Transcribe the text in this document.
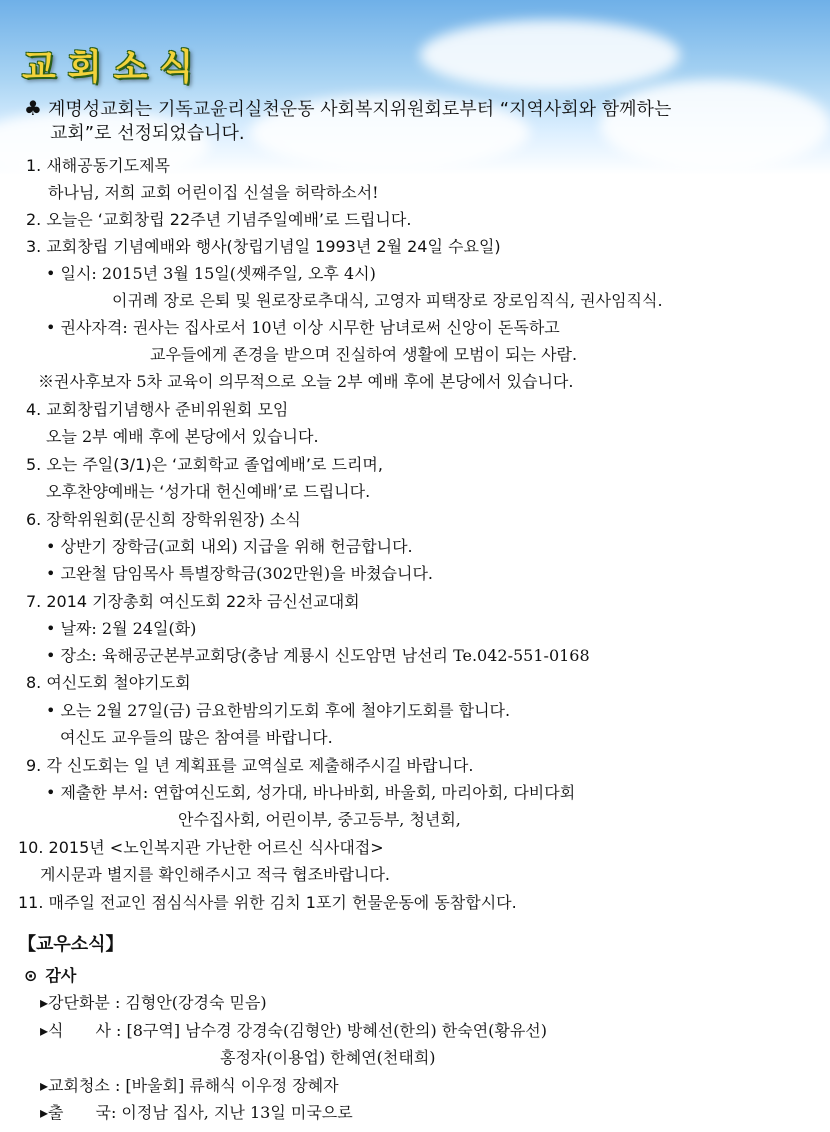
교회소식
♣ 계명성교회는 기독교윤리실천운동 사회복지위원회로부터 “지역사회와 함께하는
교회”로 선정되었습니다.
1. 새해공동기도제목
하나님, 저희 교회 어린이집 신설을 허락하소서!
2. 오늘은 ‘교회창립 22주년 기념주일예배’로 드립니다.
3. 교회창립 기념예배와 행사(창립기념일 1993년 2월 24일 수요일)
• 일시: 2015년 3월 15일(셋째주일, 오후 4시)
이귀례 장로 은퇴 및 원로장로추대식, 고영자 피택장로 장로임직식, 권사임직식.
• 권사자격: 권사는 집사로서 10년 이상 시무한 남녀로써 신앙이 돈독하고
교우들에게 존경을 받으며 진실하여 생활에 모범이 되는 사람.
※권사후보자 5차 교육이 의무적으로 오늘 2부 예배 후에 본당에서 있습니다.
4. 교회창립기념행사 준비위원회 모임
오늘 2부 예배 후에 본당에서 있습니다.
5. 오는 주일(3/1)은 ‘교회학교 졸업예배’로 드리며,
오후찬양예배는 ‘성가대 헌신예배’로 드립니다.
6. 장학위원회(문신희 장학위원장) 소식
• 상반기 장학금(교회 내외) 지급을 위해 헌금합니다.
• 고완철 담임목사 특별장학금(302만원)을 바쳤습니다.
7. 2014 기장총회 여신도회 22차 금신선교대회
• 날짜: 2월 24일(화)
• 장소: 육해공군본부교회당(충남 계룡시 신도암면 남선리 Te.042-551-0168
8. 여신도회 철야기도회
• 오는 2월 27일(금) 금요한밤의기도회 후에 철야기도회를 합니다.
여신도 교우들의 많은 참여를 바랍니다.
9. 각 신도회는 일 년 계획표를 교역실로 제출해주시길 바랍니다.
• 제출한 부서: 연합여신도회, 성가대, 바나바회, 바울회, 마리아회, 다비다회
안수집사회, 어린이부, 중고등부, 청년회,
10. 2015년 <노인복지관 가난한 어르신 식사대접>
게시문과 별지를 확인해주시고 적극 협조바랍니다.
11. 매주일 전교인 점심식사를 위한 김치 1포기 헌물운동에 동참합시다.
【교우소식】
⊙ 감사
▸강단화분 : 김형안(강경숙 믿음)
▸식　　사 : [8구역] 남수경 강경숙(김형안) 방혜선(한의) 한숙연(황유선)
홍정자(이용업) 한혜연(천태희)
▸교회청소 : [바울회] 류해식 이우정 장혜자
▸출　　국: 이정남 집사, 지난 13일 미국으로
